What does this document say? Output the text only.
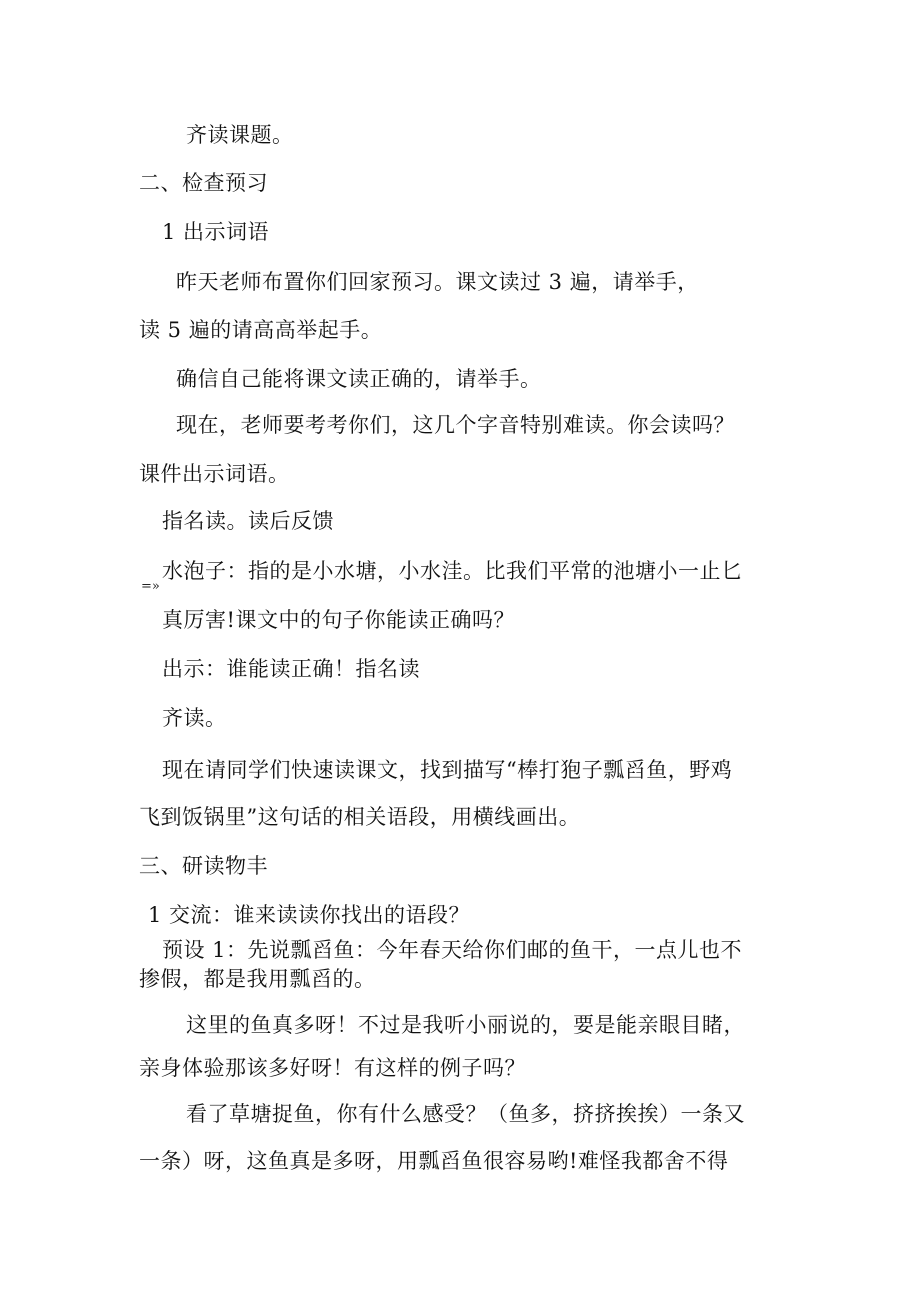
齐读课题。
二、检查预习
1 出示词语
昨天老师布置你们回家预习。课文读过 3 遍，请举手，
读 5 遍的请高高举起手。
确信自己能将课文读正确的，请举手。
现在，老师要考考你们，这几个字音特别难读。你会读吗？
课件出示词语。
指名读。读后反馈
=»
水泡子：指的是小水塘，小水洼。比我们平常的池塘小一止匕
真厉害!课文中的句子你能读正确吗？
出示：谁能读正确！指名读
齐读。
现在请同学们快速读课文，找到描写“棒打狍子瓢舀鱼，野鸡
飞到饭锅里”这句话的相关语段，用横线画出。
三、研读物丰
1 交流：谁来读读你找出的语段？
预设 1：先说瓢舀鱼：今年春天给你们邮的鱼干，一点儿也不
掺假，都是我用瓢舀的。
这里的鱼真多呀！不过是我听小丽说的，要是能亲眼目睹，
亲身体验那该多好呀！有这样的例子吗？
看了草塘捉鱼，你有什么感受？（鱼多，挤挤挨挨）一条又
一条）呀，这鱼真是多呀，用瓢舀鱼很容易哟!难怪我都舍不得
